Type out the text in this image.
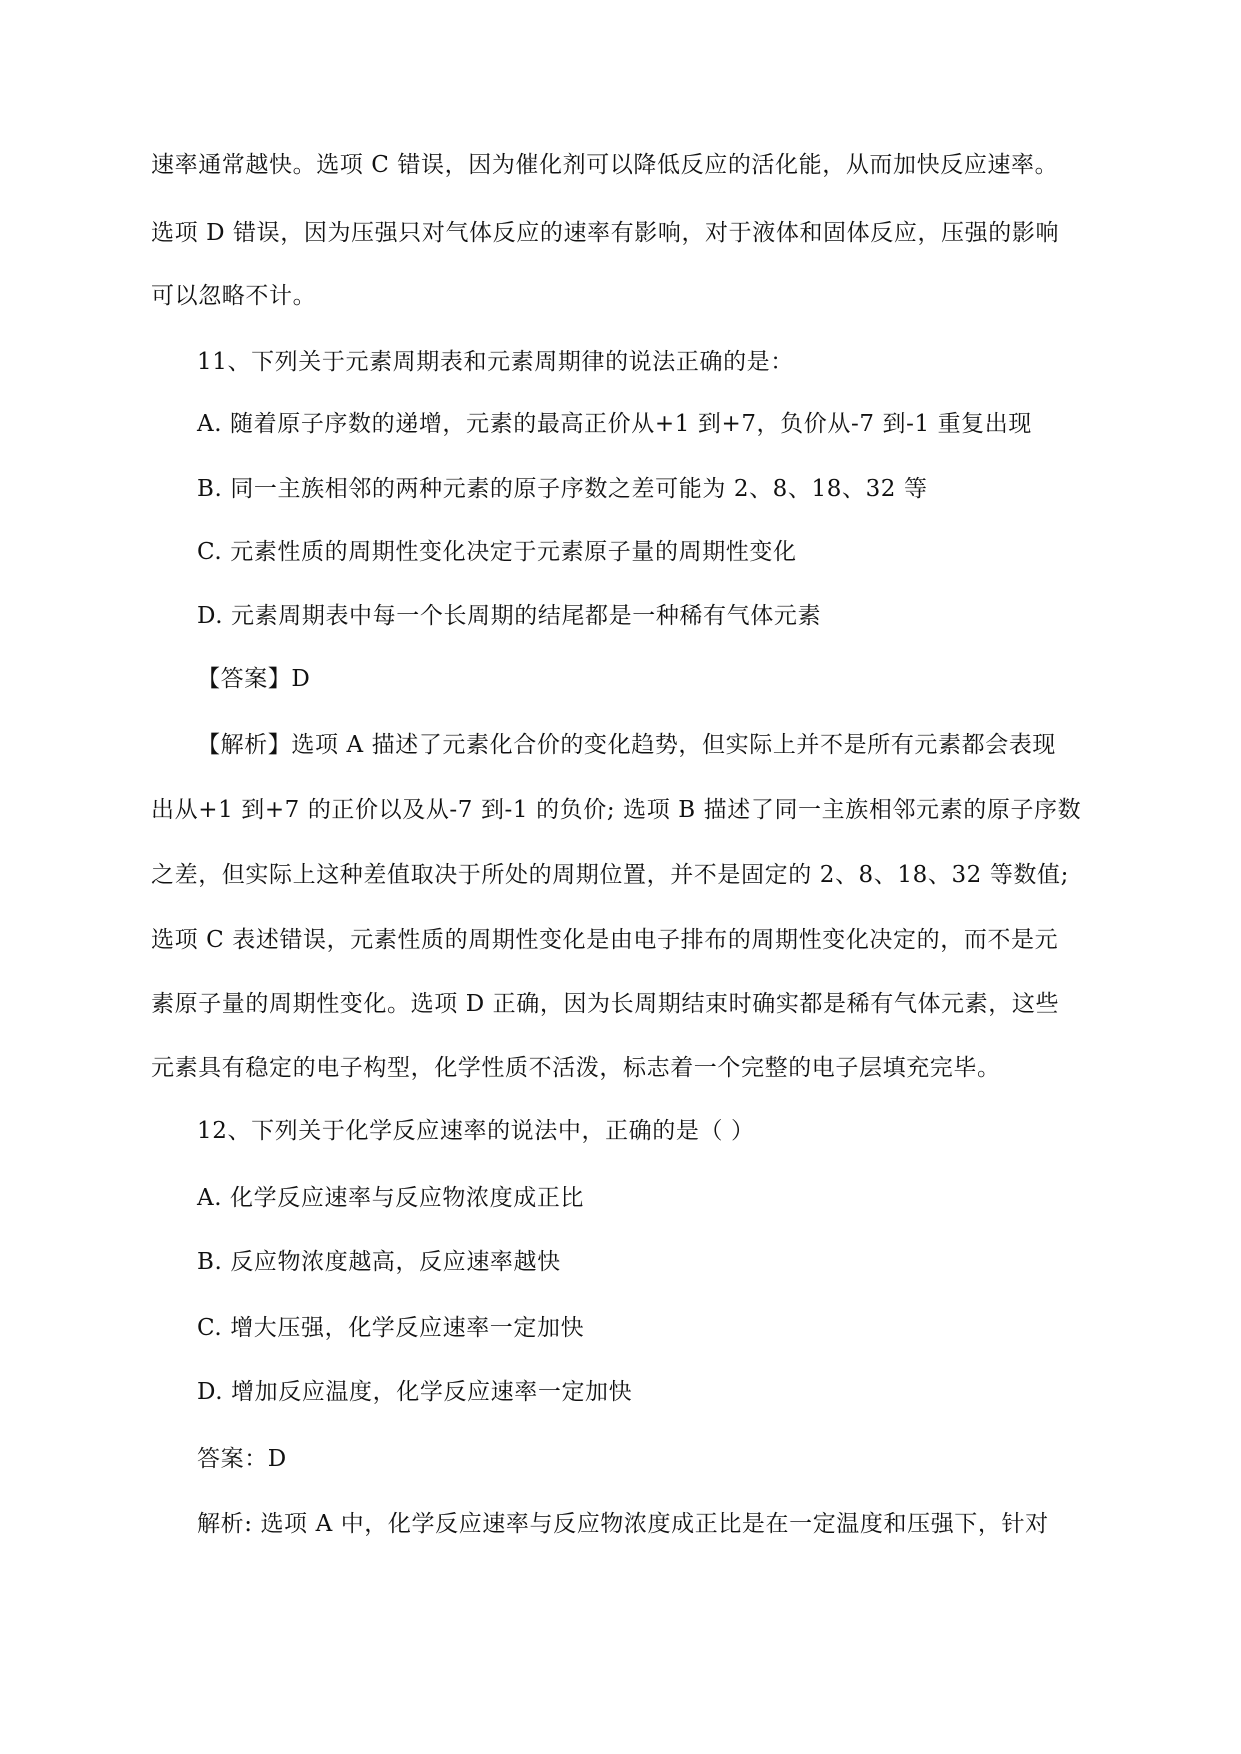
速率通常越快。选项 C 错误，因为催化剂可以降低反应的活化能，从而加快反应速率。
选项 D 错误，因为压强只对气体反应的速率有影响，对于液体和固体反应，压强的影响
可以忽略不计。
11、下列关于元素周期表和元素周期律的说法正确的是：
A. 随着原子序数的递增，元素的最高正价从+1 到+7，负价从-7 到-1 重复出现
B. 同一主族相邻的两种元素的原子序数之差可能为 2、8、18、32 等
C. 元素性质的周期性变化决定于元素原子量的周期性变化
D. 元素周期表中每一个长周期的结尾都是一种稀有气体元素
【答案】D
【解析】选项 A 描述了元素化合价的变化趋势，但实际上并不是所有元素都会表现
出从+1 到+7 的正价以及从-7 到-1 的负价; 选项 B 描述了同一主族相邻元素的原子序数
之差，但实际上这种差值取决于所处的周期位置，并不是固定的 2、8、18、32 等数值;
选项 C 表述错误，元素性质的周期性变化是由电子排布的周期性变化决定的，而不是元
素原子量的周期性变化。选项 D 正确，因为长周期结束时确实都是稀有气体元素，这些
元素具有稳定的电子构型，化学性质不活泼，标志着一个完整的电子层填充完毕。
12、下列关于化学反应速率的说法中，正确的是（ ）
A. 化学反应速率与反应物浓度成正比
B. 反应物浓度越高，反应速率越快
C. 增大压强，化学反应速率一定加快
D. 增加反应温度，化学反应速率一定加快
答案：D
解析: 选项 A 中，化学反应速率与反应物浓度成正比是在一定温度和压强下，针对
